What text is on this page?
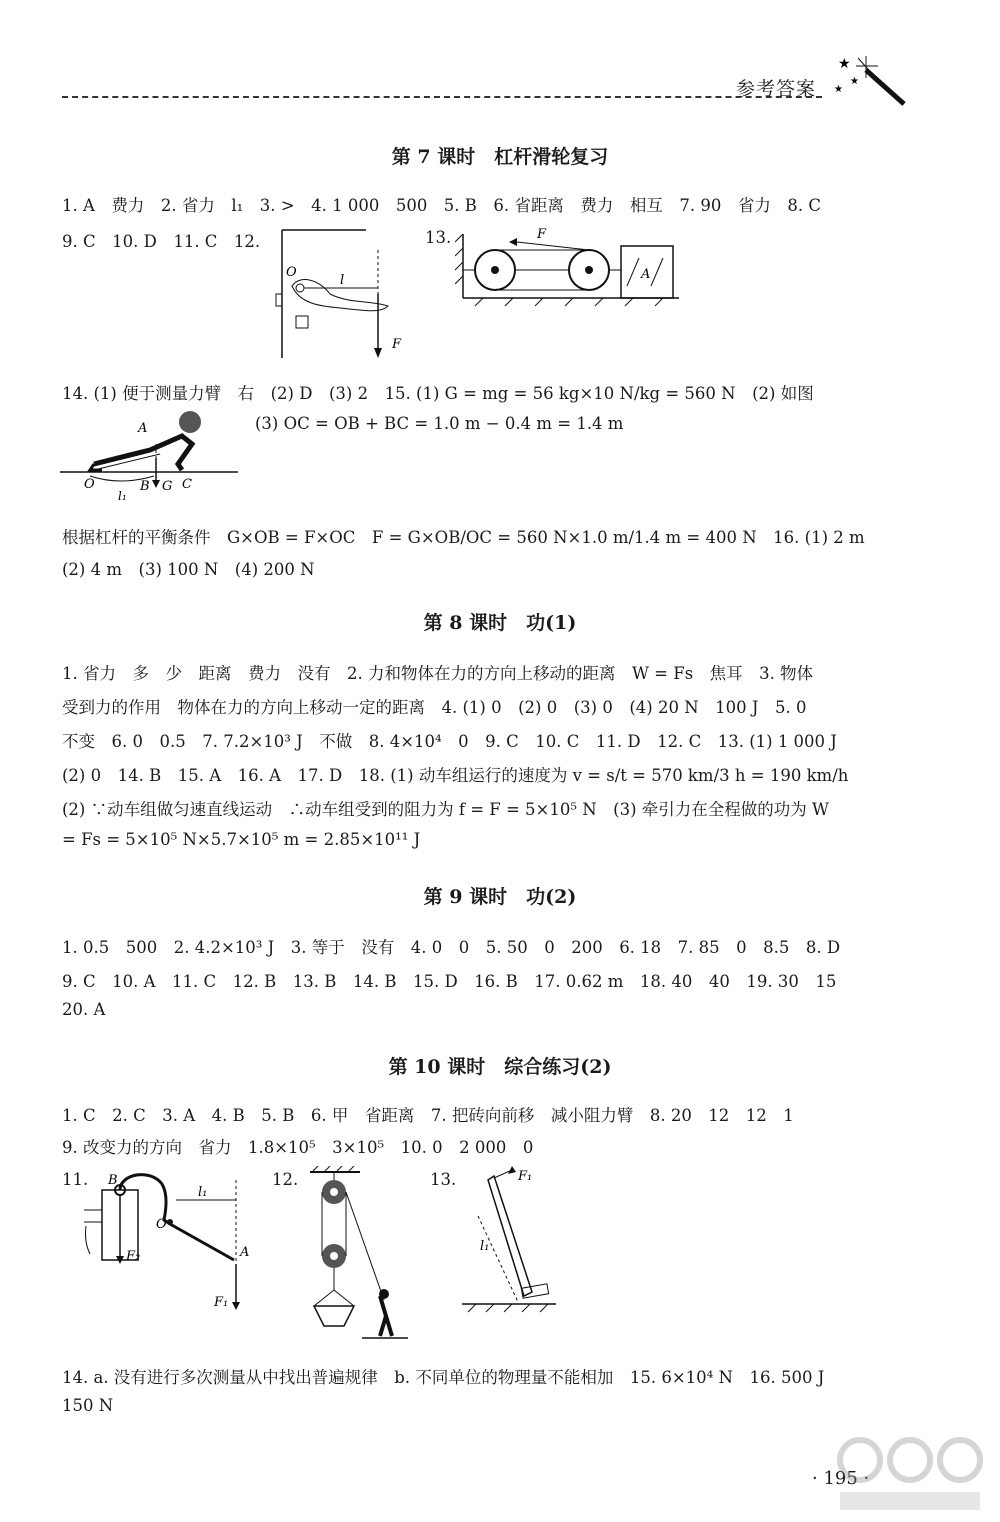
参考答案
★
★
★
第 7 课时　杠杆滑轮复习
1. A　费力　2. 省力　l₁　3. >　4. 1 000　500　5. B　6. 省距离　费力　相互　7. 90　省力　8. C
9. C　10. D　11. C　12.
O
l
F
13.	F
A
14. (1) 便于测量力臂　右　(2) D　(3) 2　15. (1) G = mg = 56 kg×10 N/kg = 560 N　(2) 如图
(3) OC = OB + BC = 1.0 m − 0.4 m = 1.4 m
A
O
l₁
B G C
根据杠杆的平衡条件　G×OB = F×OC　F = G×OB/OC = 560 N×1.0 m/1.4 m = 400 N　16. (1) 2 m
(2) 4 m　(3) 100 N　(4) 200 N
第 8 课时　功(1)
1. 省力　多　少　距离　费力　没有　2. 力和物体在力的方向上移动的距离　W = Fs　焦耳　3. 物体
受到力的作用　物体在力的方向上移动一定的距离　4. (1) 0　(2) 0　(3) 0　(4) 20 N　100 J　5. 0
不变　6. 0　0.5　7. 7.2×10³ J　不做　8. 4×10⁴　0　9. C　10. C　11. D　12. C　13. (1) 1 000 J
(2) 0　14. B　15. A　16. A　17. D　18. (1) 动车组运行的速度为 v = s/t = 570 km/3 h = 190 km/h
(2) ∵动车组做匀速直线运动　∴动车组受到的阻力为 f = F = 5×10⁵ N　(3) 牵引力在全程做的功为 W
= Fs = 5×10⁵ N×5.7×10⁵ m = 2.85×10¹¹ J
第 9 课时　功(2)
1. 0.5　500　2. 4.2×10³ J　3. 等于　没有　4. 0　0　5. 50　0　200　6. 18　7. 85　0　8.5　8. D
9. C　10. A　11. C　12. B　13. B　14. B　15. D　16. B　17. 0.62 m　18. 40　40　19. 30　15
20. A
第 10 课时　综合练习(2)
1. C　2. C　3. A　4. B　5. B　6. 甲　省距离　7. 把砖向前移　减小阻力臂　8. 20　12　12　1
9. 改变力的方向　省力　1.8×10⁵　3×10⁵　10. 0　2 000　0
11. B
l₁
O
A
F₂
F₁
12.	13.	F₁
l₁
14. a. 没有进行多次测量从中找出普遍规律　b. 不同单位的物理量不能相加　15. 6×10⁴ N　16. 500 J
150 N
· 195 ·
